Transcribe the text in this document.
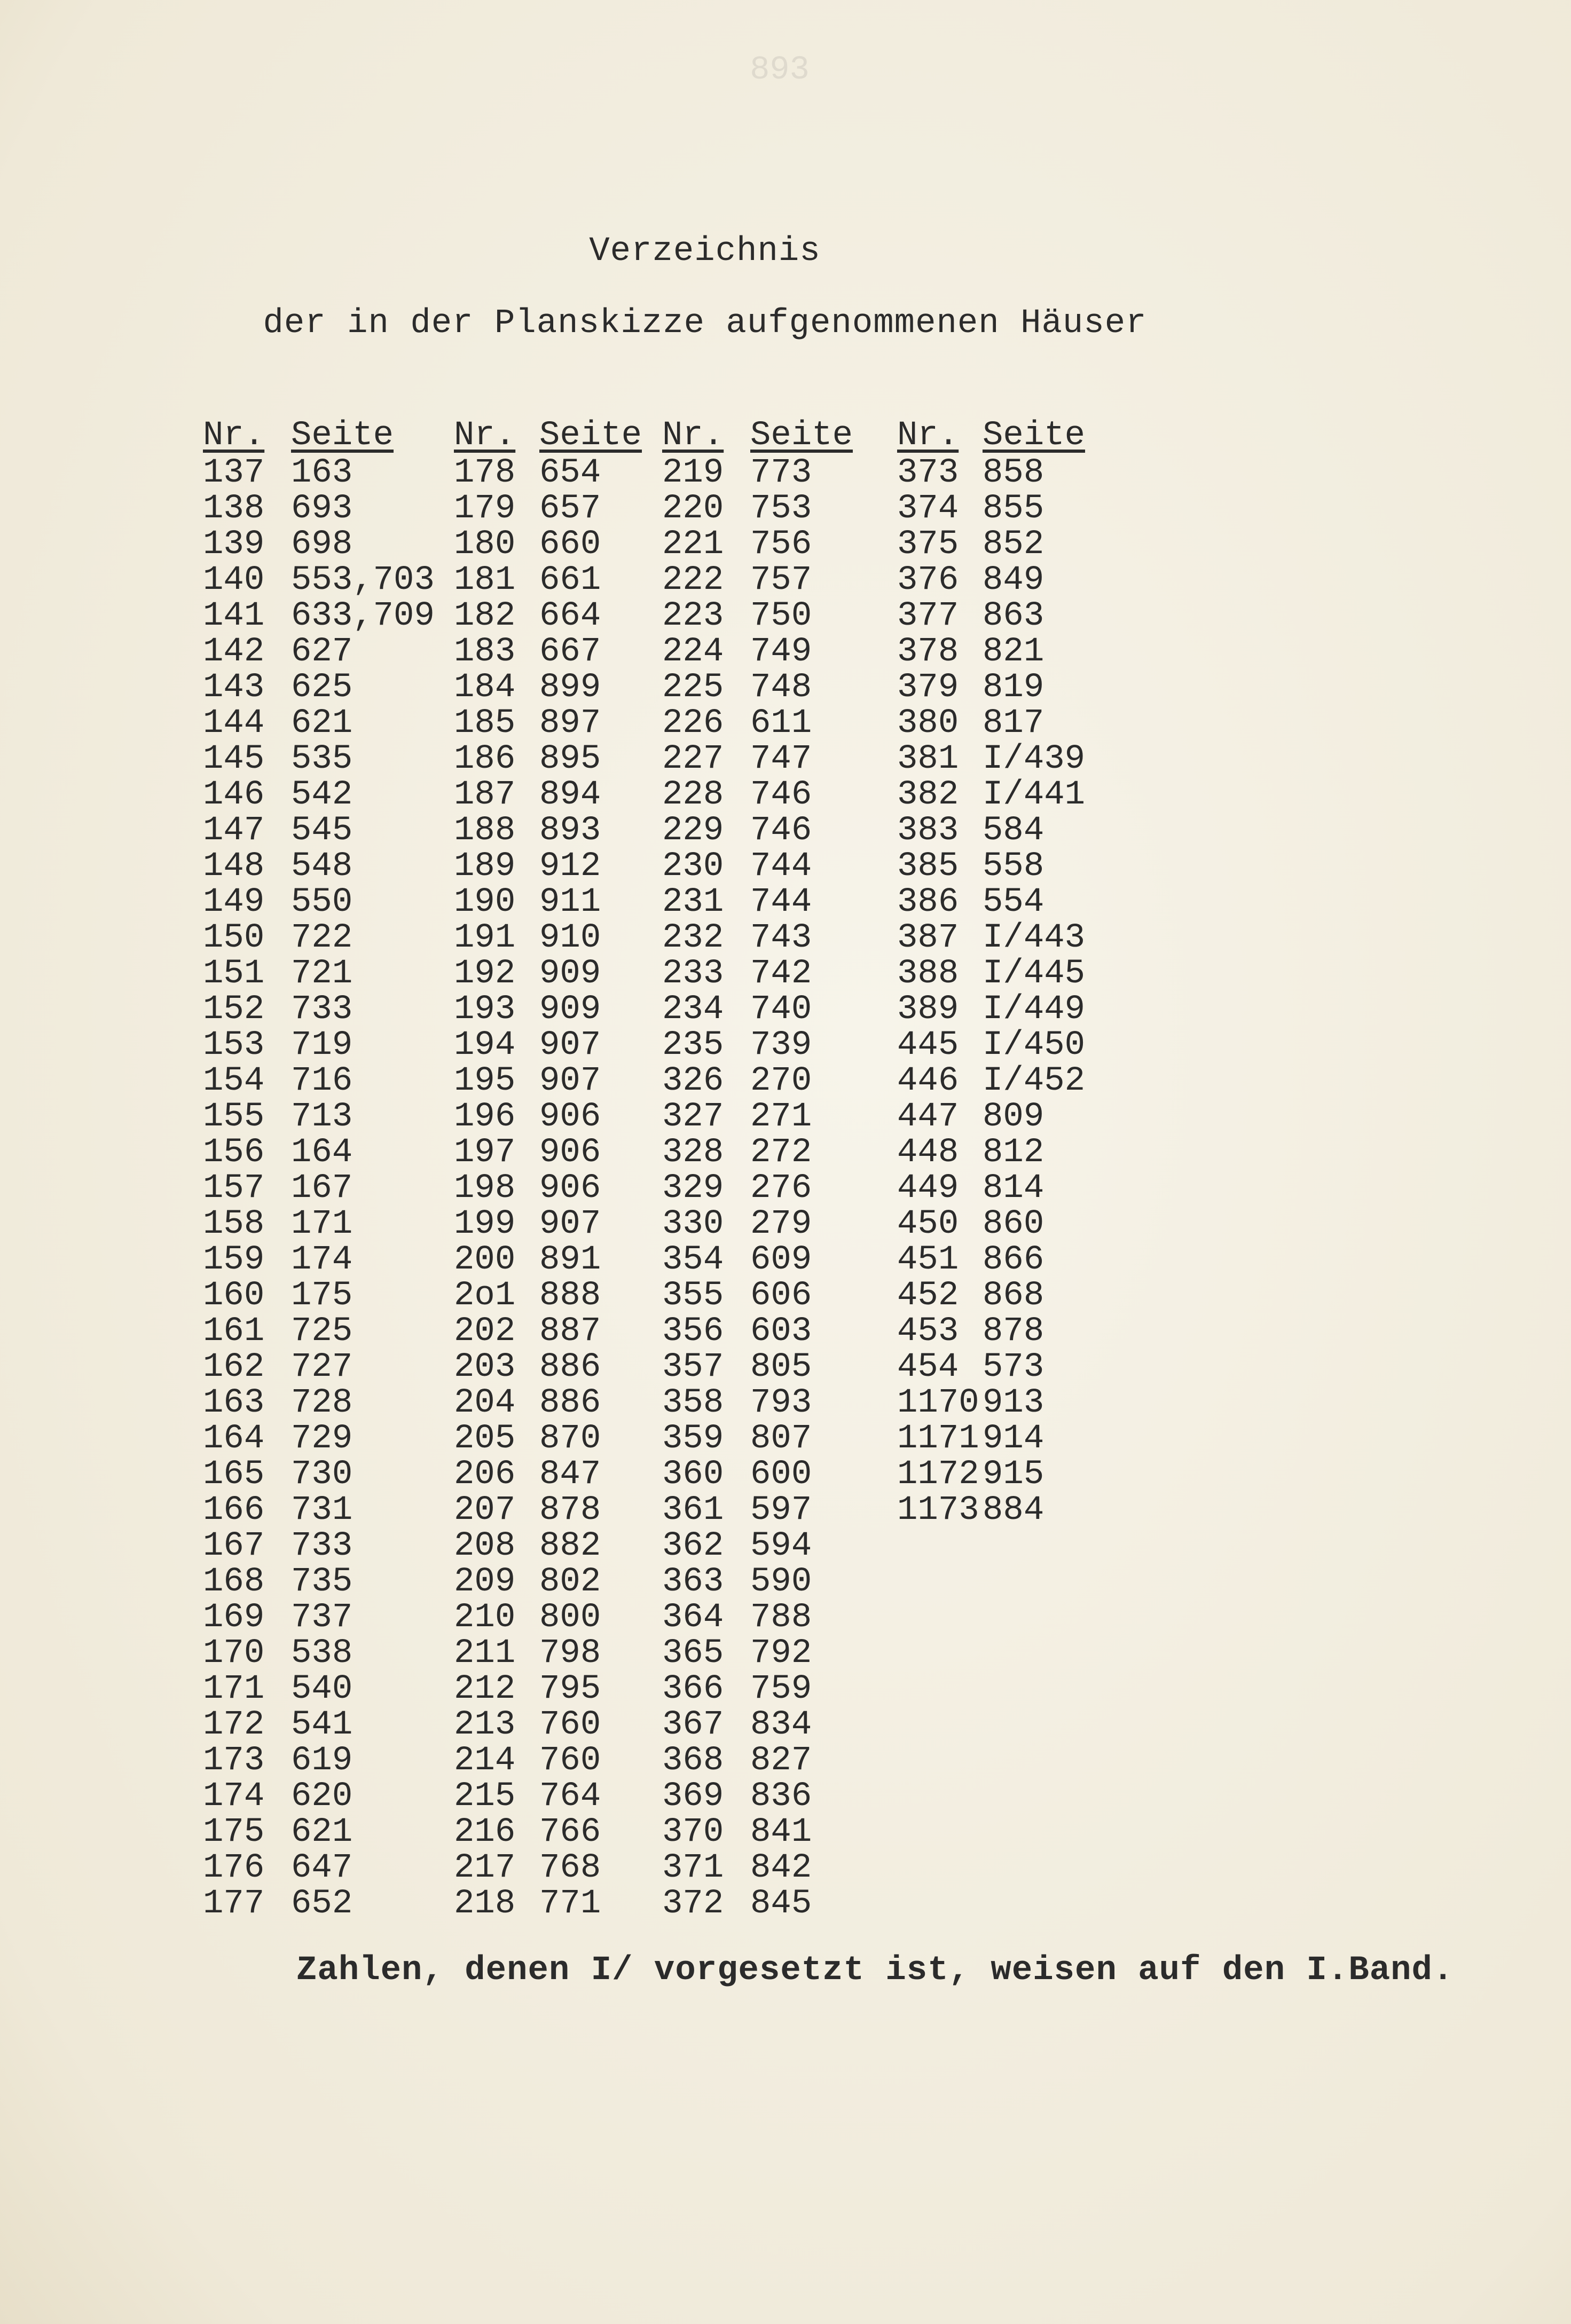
893
Verzeichnis
der in der Planskizze aufgenommenen Häuser
Nr. Seite
137 163
138 693
139 698
140 553,703
141 633,709
142 627
143 625
144 621
145 535
146 542
147 545
148 548
149 550
150 722
151 721
152 733
153 719
154 716
155 713
156 164
157 167
158 171
159 174
160 175
161 725
162 727
163 728
164 729
165 730
166 731
167 733
168 735
169 737
170 538
171 540
172 541
173 619
174 620
175 621
176 647
177 652
Nr. Seite
178 654
179 657
180 660
181 661
182 664
183 667
184 899
185 897
186 895
187 894
188 893
189 912
190 911
191 910
192 909
193 909
194 907
195 907
196 906
197 906
198 906
199 907
200 891
2o1 888
202 887
203 886
204 886
205 870
206 847
207 878
208 882
209 802
210 800
211 798
212 795
213 760
214 760
215 764
216 766
217 768
218 771
Nr. Seite
219 773
220 753
221 756
222 757
223 750
224 749
225 748
226 611
227 747
228 746
229 746
230 744
231 744
232 743
233 742
234 740
235 739
326 270
327 271
328 272
329 276
330 279
354 609
355 606
356 603
357 805
358 793
359 807
360 600
361 597
362 594
363 590
364 788
365 792
366 759
367 834
368 827
369 836
370 841
371 842
372 845
Nr. Seite
373 858
374 855
375 852
376 849
377 863
378 821
379 819
380 817
381 I/439
382 I/441
383 584
385 558
386 554
387 I/443
388 I/445
389 I/449
445 I/450
446 I/452
447 809
448 812
449 814
450 860
451 866
452 868
453 878
454 573
1170 913
1171 914
1172 915
1173 884
Zahlen, denen I/ vorgesetzt ist, weisen auf den I.Band.
